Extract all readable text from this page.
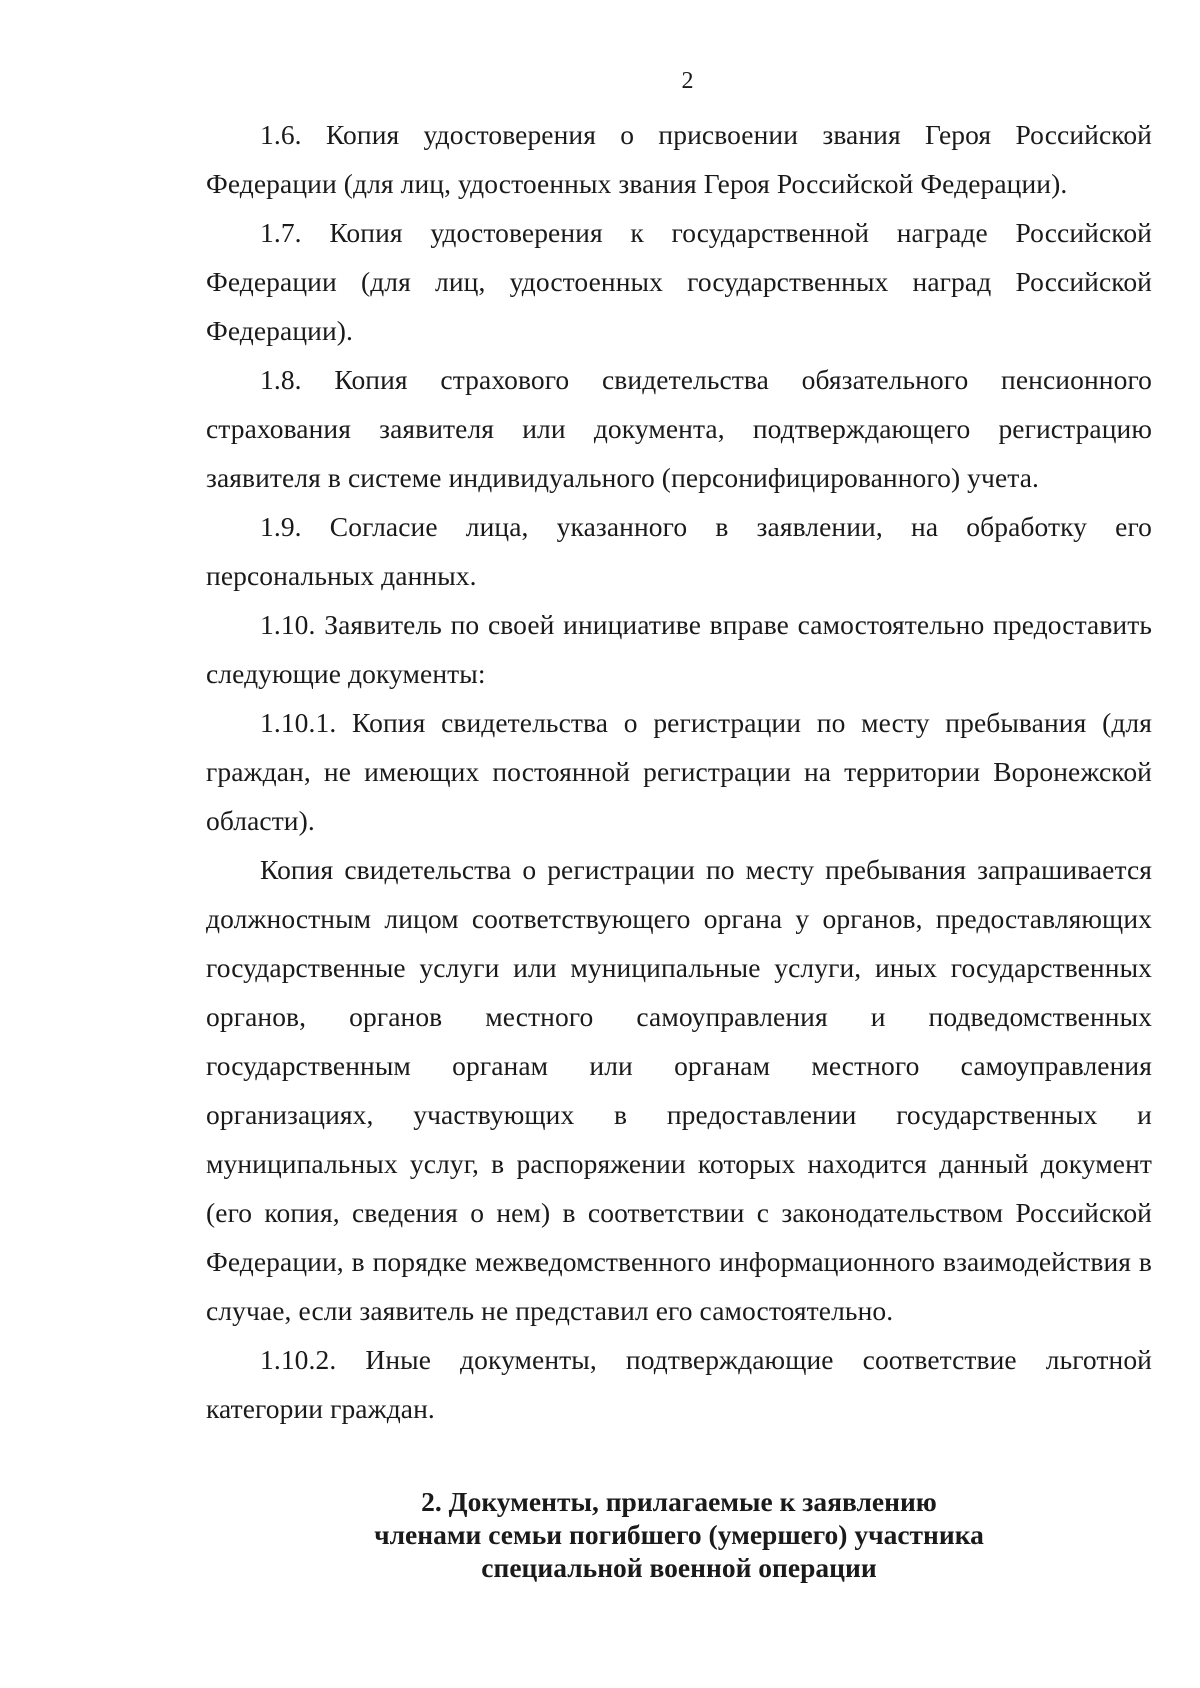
2

1.6. Копия удостоверения о присвоении звания Героя Российской Федерации (для лиц, удостоенных звания Героя Российской Федерации).

1.7. Копия удостоверения к государственной награде Российской Федерации (для лиц, удостоенных государственных наград Российской Федерации).

1.8. Копия страхового свидетельства обязательного пенсионного страхования заявителя или документа, подтверждающего регистрацию заявителя в системе индивидуального (персонифицированного) учета.

1.9. Согласие лица, указанного в заявлении, на обработку его персональных данных.

1.10. Заявитель по своей инициативе вправе самостоятельно предоставить следующие документы:

1.10.1. Копия свидетельства о регистрации по месту пребывания (для граждан, не имеющих постоянной регистрации на территории Воронежской области).

Копия свидетельства о регистрации по месту пребывания запрашивается должностным лицом соответствующего органа у органов, предоставляющих государственные услуги или муниципальные услуги, иных государственных органов, органов местного самоуправления и подведомственных государственным органам или органам местного самоуправления организациях, участвующих в предоставлении государственных и муниципальных услуг, в распоряжении которых находится данный документ (его копия, сведения о нем) в соответствии с законодательством Российской Федерации, в порядке межведомственного информационного взаимодействия в случае, если заявитель не представил его самостоятельно.

1.10.2. Иные документы, подтверждающие соответствие льготной категории граждан.

2. Документы, прилагаемые к заявлению
членами семьи погибшего (умершего) участника
специальной военной операции
